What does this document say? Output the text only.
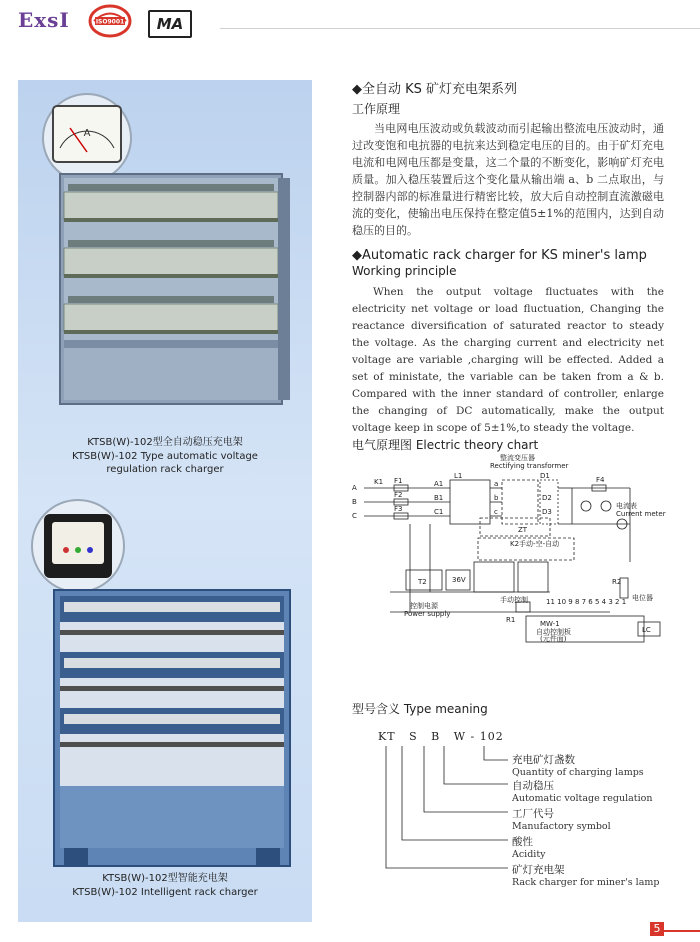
ExsI	ISO9001	MA
A
KTSB(W)-102型全自动稳压充电架
KTSB(W)-102 Type automatic voltage
regulation rack charger
KTSB(W)-102型智能充电架
KTSB(W)-102 Intelligent rack charger
◆全自动 KS 矿灯充电架系列
工作原理
当电网电压波动或负载波动而引起输出整流电压波动时，通过改变饱和电抗器的电抗来达到稳定电压的目的。由于矿灯充电电流和电网电压都是变量，这二个量的不断变化，影响矿灯充电质量。加入稳压装置后这个变化量从输出端 a、b 二点取出，与控制器内部的标准量进行精密比较，放大后自动控制直流激磁电流的变化，使输出电压保持在整定值5±1%的范围内，达到自动稳压的目的。
◆Automatic rack charger for KS miner's lamp
Working principle
When the output voltage fluctuates with the electricity net voltage or load fluctuation, Changing the reactance diversification of saturated reactor to steady the voltage. As the charging current and electricity net voltage are variable ,charging will be effected. Added a set of ministate, the variable can be taken from a & b. Compared with the inner standard of controller, enlarge the changing of DC automatically, make the output voltage keep in scope of 5±1%,to steady the voltage.
电气原理图 Electric theory chart
A
B
C
K1 F1
F2
F3
A1
B1
C1
L1
a
b
c
D1
D2
D3
F4
ZT
整流变压器
Rectifying transformer
电流表
Current meter
K2手动-空-自动
T2	36V
手动控制
控制电源
Power supply
11 10 9 8 7 6 5 4 3 2 1
R1
R2
电位器
MW-1
自动控制板
(元件面)
LC
型号含义 Type meaning
KT S B W - 102
充电矿灯盏数
Quantity of charging lamps
自动稳压
Automatic voltage regulation
工厂代号
Manufactory symbol
酸性
Acidity
矿灯充电架
Rack charger for miner's lamp
5
